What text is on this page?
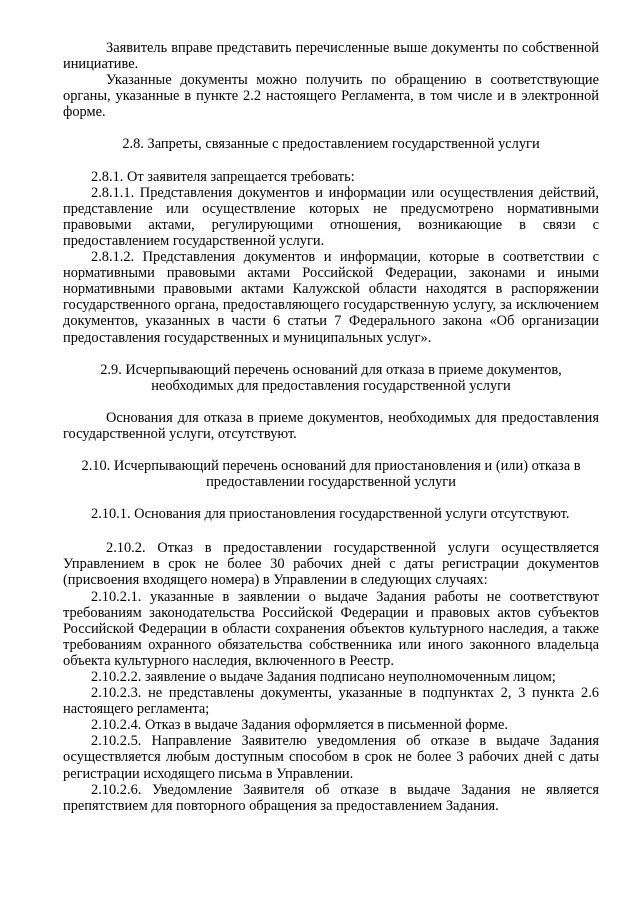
Заявитель вправе представить перечисленные выше документы по собственной инициативе.

Указанные документы можно получить по обращению в соответствующие органы, указанные в пункте 2.2 настоящего Регламента, в том числе и в электронной форме.

2.8. Запреты, связанные с предоставлением государственной услуги

2.8.1. От заявителя запрещается требовать:

2.8.1.1. Представления документов и информации или осуществления действий, представление или осуществление которых не предусмотрено нормативными правовыми актами, регулирующими отношения, возникающие в связи с предоставлением государственной услуги.

2.8.1.2. Представления документов и информации, которые в соответствии с нормативными правовыми актами Российской Федерации, законами и иными нормативными правовыми актами Калужской области находятся в распоряжении государственного органа, предоставляющего государственную услугу, за исключением документов, указанных в части 6 статьи 7 Федерального закона «Об организации предоставления государственных и муниципальных услуг».

2.9. Исчерпывающий перечень оснований для отказа в приеме документов, необходимых для предоставления государственной услуги

Основания для отказа в приеме документов, необходимых для предоставления государственной услуги, отсутствуют.

2.10. Исчерпывающий перечень оснований для приостановления и (или) отказа в предоставлении государственной услуги

2.10.1. Основания для приостановления государственной услуги отсутствуют.

2.10.2. Отказ в предоставлении государственной услуги осуществляется Управлением в срок не более 30 рабочих дней с даты регистрации документов (присвоения входящего номера) в Управлении в следующих случаях:

2.10.2.1. указанные в заявлении о выдаче Задания работы не соответствуют требованиям законодательства Российской Федерации и правовых актов субъектов Российской Федерации в области сохранения объектов культурного наследия, а также требованиям охранного обязательства собственника или иного законного владельца объекта культурного наследия, включенного в Реестр.

2.10.2.2. заявление о выдаче Задания подписано неуполномоченным лицом;

2.10.2.3. не представлены документы, указанные в подпунктах 2, 3 пункта 2.6 настоящего регламента;

2.10.2.4. Отказ в выдаче Задания оформляется в письменной форме.

2.10.2.5. Направление Заявителю уведомления об отказе в выдаче Задания осуществляется любым доступным способом в срок не более 3 рабочих дней с даты регистрации исходящего письма в Управлении.

2.10.2.6. Уведомление Заявителя об отказе в выдаче Задания не является препятствием для повторного обращения за предоставлением Задания.
